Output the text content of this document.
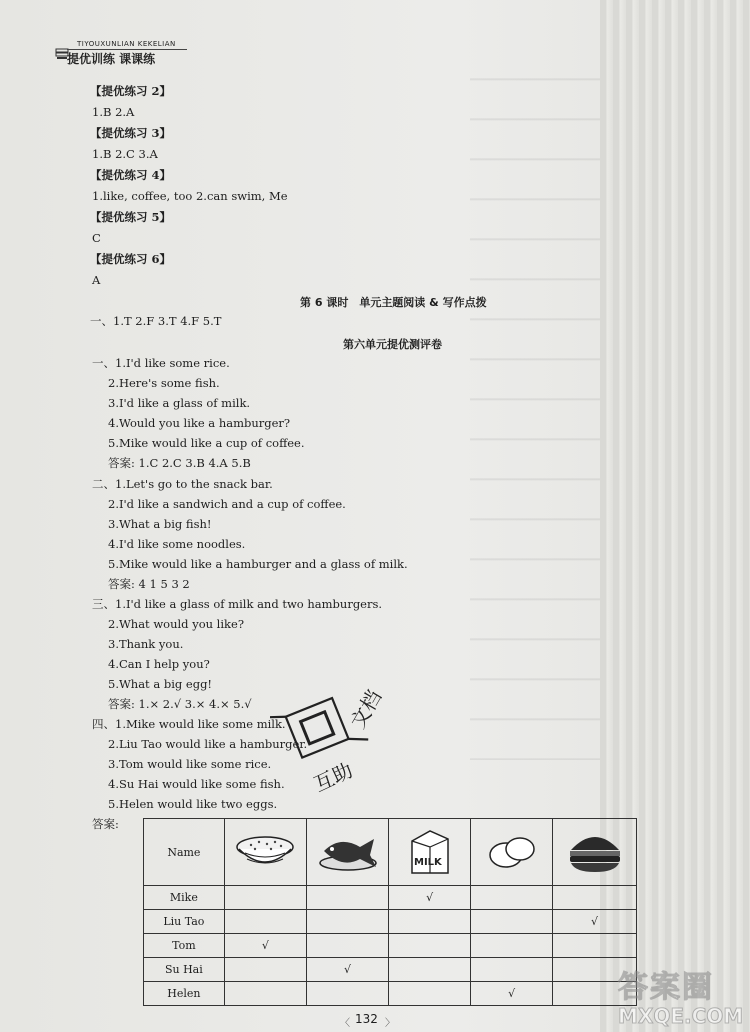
TIYOUXUNLIAN KEKELIAN
提优训练 课课练
【提优练习 2】
1.B 2.A
【提优练习 3】
1.B 2.C 3.A
【提优练习 4】
1.like, coffee, too 2.can swim, Me
【提优练习 5】
C
【提优练习 6】
A
第 6 课时　单元主题阅读 & 写作点拨
一、1.T 2.F 3.T 4.F 5.T
第六单元提优测评卷
一、1.I'd like some rice.
2.Here's some fish.
3.I'd like a glass of milk.
4.Would you like a hamburger?
5.Mike would like a cup of coffee.
答案: 1.C 2.C 3.B 4.A 5.B
二、1.Let's go to the snack bar.
2.I'd like a sandwich and a cup of coffee.
3.What a big fish!
4.I'd like some noodles.
5.Mike would like a hamburger and a glass of milk.
答案: 4 1 5 3 2
三、1.I'd like a glass of milk and two hamburgers.
2.What would you like?
3.Thank you.
4.Can I help you?
5.What a big egg!
答案: 1.× 2.√ 3.× 4.× 5.√
四、1.Mike would like some milk.
2.Liu Tao would like a hamburger.
3.Tom would like some rice.
4.Su Hai would like some fish.
5.Helen would like two eggs.
答案:
文档
互助
Name			MILK

Mike			√		
Liu Tao					√
Tom	√				
Su Hai		√			
Helen				√	
〈 132 〉
答案圈
MXQE.COM
